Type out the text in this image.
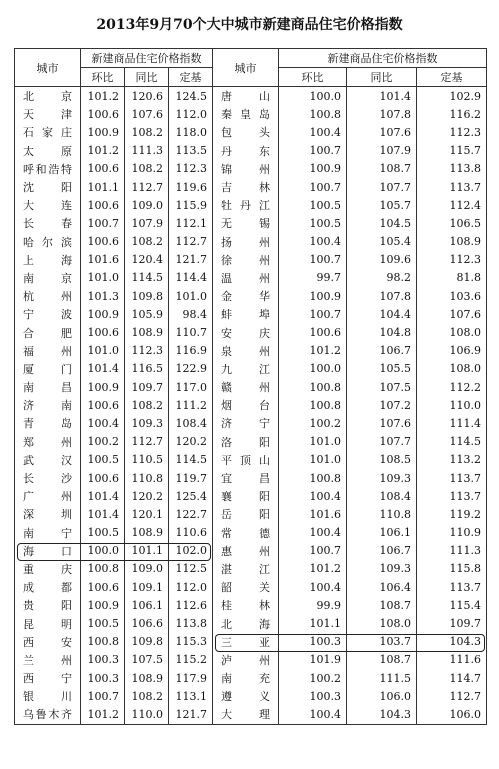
2013年9月70个大中城市新建商品住宅价格指数
城市	新建商品住宅价格指数			城市	新建商品住宅价格指数		
	环比	同比	定基		环比	同比	定基
北京	101.2	120.6	124.5	唐山	100.0	101.4	102.9
天津	100.6	107.6	112.0	秦皇岛	100.8	107.8	116.2
石家庄	100.9	108.2	118.0	包头	100.4	107.6	112.3
太原	101.2	111.3	113.5	丹东	100.7	107.9	115.7
呼和浩特	100.6	108.2	112.3	锦州	100.9	108.7	113.8
沈阳	101.1	112.7	119.6	吉林	100.7	107.7	113.7
大连	100.6	109.0	115.9	牡丹江	100.5	105.7	112.4
长春	100.7	107.9	112.1	无锡	100.5	104.5	106.5
哈尔滨	100.6	108.2	112.7	扬州	100.4	105.4	108.9
上海	101.6	120.4	121.7	徐州	100.7	109.6	112.3
南京	101.0	114.5	114.4	温州	99.7	98.2	81.8
杭州	101.3	109.8	101.0	金华	100.9	107.8	103.6
宁波	100.9	105.9	98.4	蚌埠	100.7	104.4	107.6
合肥	100.6	108.9	110.7	安庆	100.6	104.8	108.0
福州	101.0	112.3	116.9	泉州	101.2	106.7	106.9
厦门	101.4	116.5	122.9	九江	100.0	105.5	108.0
南昌	100.9	109.7	117.0	赣州	100.8	107.5	112.2
济南	100.6	108.2	111.2	烟台	100.8	107.2	110.0
青岛	100.4	109.3	108.4	济宁	100.2	107.6	111.4
郑州	100.2	112.7	120.2	洛阳	101.0	107.7	114.5
武汉	100.5	110.5	114.5	平顶山	101.0	108.5	113.2
长沙	100.6	110.8	119.7	宜昌	100.8	109.3	113.7
广州	101.4	120.2	125.4	襄阳	100.4	108.4	113.7
深圳	101.4	120.1	122.7	岳阳	101.6	110.8	119.2
南宁	100.5	108.9	110.6	常德	100.4	106.1	110.9
海口	100.0	101.1	102.0	惠州	100.7	106.7	111.3
重庆	100.8	109.0	112.5	湛江	101.2	109.3	115.8
成都	100.6	109.1	112.0	韶关	100.4	106.4	113.7
贵阳	100.9	106.1	112.6	桂林	99.9	108.7	115.4
昆明	100.5	106.6	113.8	北海	101.1	108.0	109.7
西安	100.8	109.8	115.3	三亚	100.3	103.7	104.3
兰州	100.3	107.5	115.2	泸州	101.9	108.7	111.6
西宁	100.3	108.9	117.9	南充	100.2	111.5	114.7
银川	100.7	108.2	113.1	遵义	100.3	106.0	112.7
乌鲁木齐	101.2	110.0	121.7	大理	100.4	104.3	106.0
